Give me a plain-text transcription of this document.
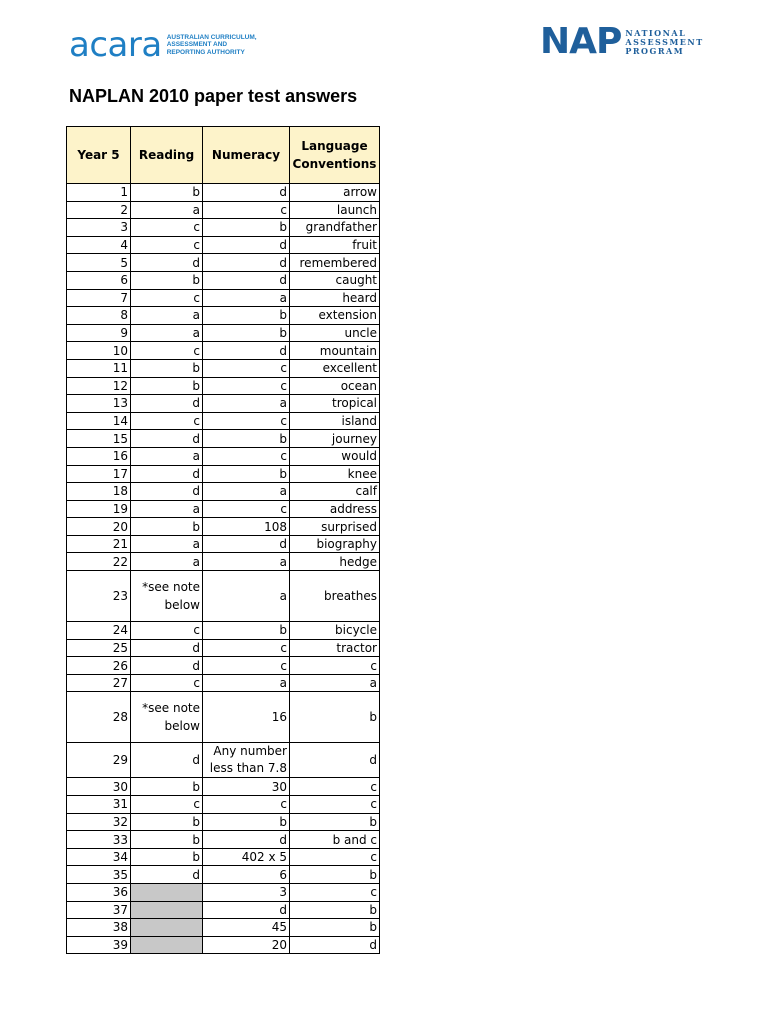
acara AUSTRALIAN CURRICULUM,
ASSESSMENT AND
REPORTING AUTHORITY	NAP NATIONAL
ASSESSMENT
PROGRAM
NAPLAN 2010 paper test answers
Year 5	Reading	Numeracy	Language Conventions
1	b	d	arrow
2	a	c	launch
3	c	b	grandfather
4	c	d	fruit
5	d	d	remembered
6	b	d	caught
7	c	a	heard
8	a	b	extension
9	a	b	uncle
10	c	d	mountain
11	b	c	excellent
12	b	c	ocean
13	d	a	tropical
14	c	c	island
15	d	b	journey
16	a	c	would
17	d	b	knee
18	d	a	calf
19	a	c	address
20	b	108	surprised
21	a	d	biography
22	a	a	hedge
23	*see note below	a	breathes
24	c	b	bicycle
25	d	c	tractor
26	d	c	c
27	c	a	a
28	*see note below	16	b
29	d	Any number less than 7.8	d
30	b	30	c
31	c	c	c
32	b	b	b
33	b	d	b and c
34	b	402 x 5	c
35	d	6	b
36		3	c
37		d	b
38		45	b
39		20	d
